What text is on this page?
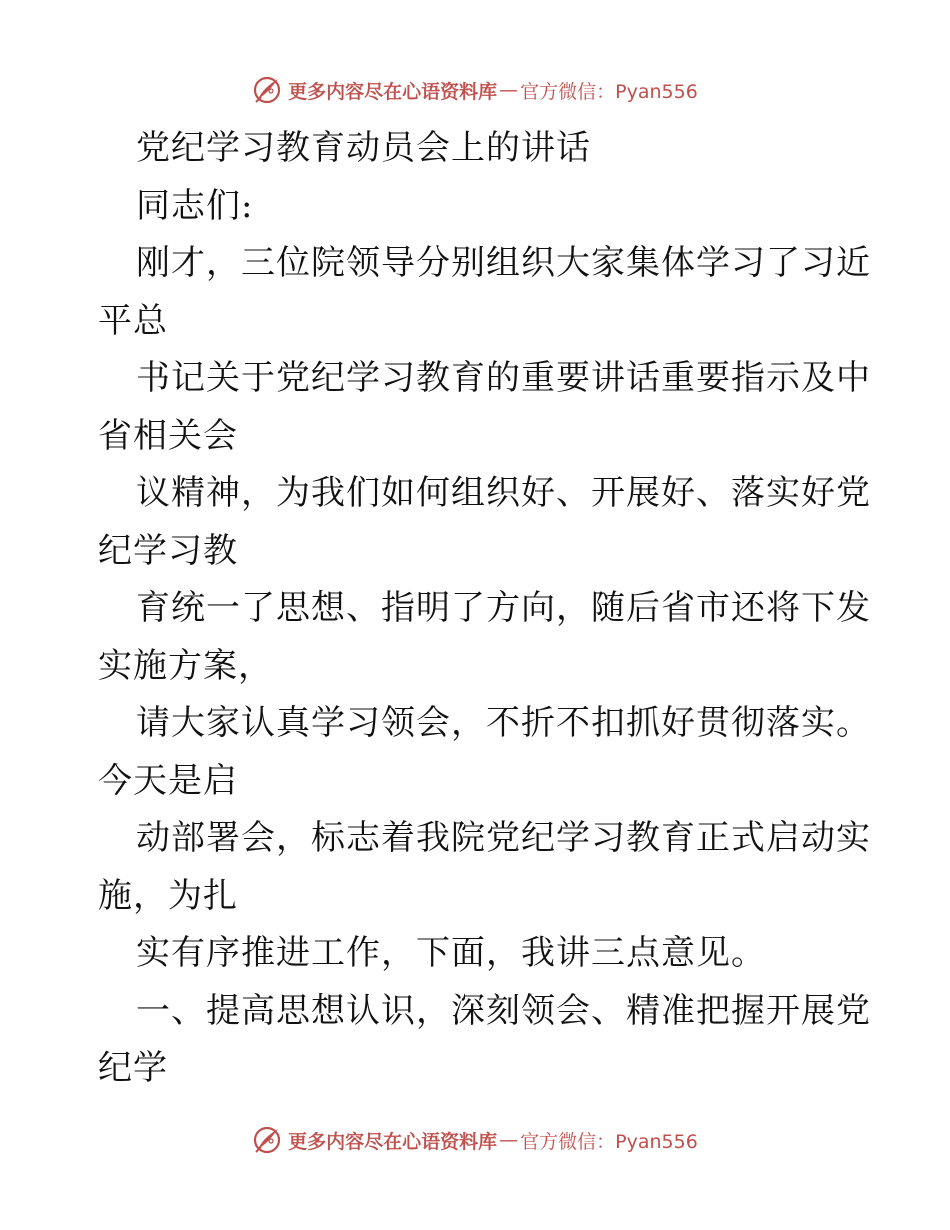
更多内容尽在心语资料库 — 官方微信：Pyan556
党纪学习教育动员会上的讲话
同志们:
刚才，三位院领导分别组织大家集体学习了习近
平总
书记关于党纪学习教育的重要讲话重要指示及中
省相关会
议精神，为我们如何组织好、开展好、落实好党
纪学习教
育统一了思想、指明了方向，随后省市还将下发
实施方案，
请大家认真学习领会，不折不扣抓好贯彻落实。
今天是启
动部署会，标志着我院党纪学习教育正式启动实
施，为扎
实有序推进工作，下面，我讲三点意见。
一、提高思想认识，深刻领会、精准把握开展党
纪学
更多内容尽在心语资料库 — 官方微信：Pyan556
